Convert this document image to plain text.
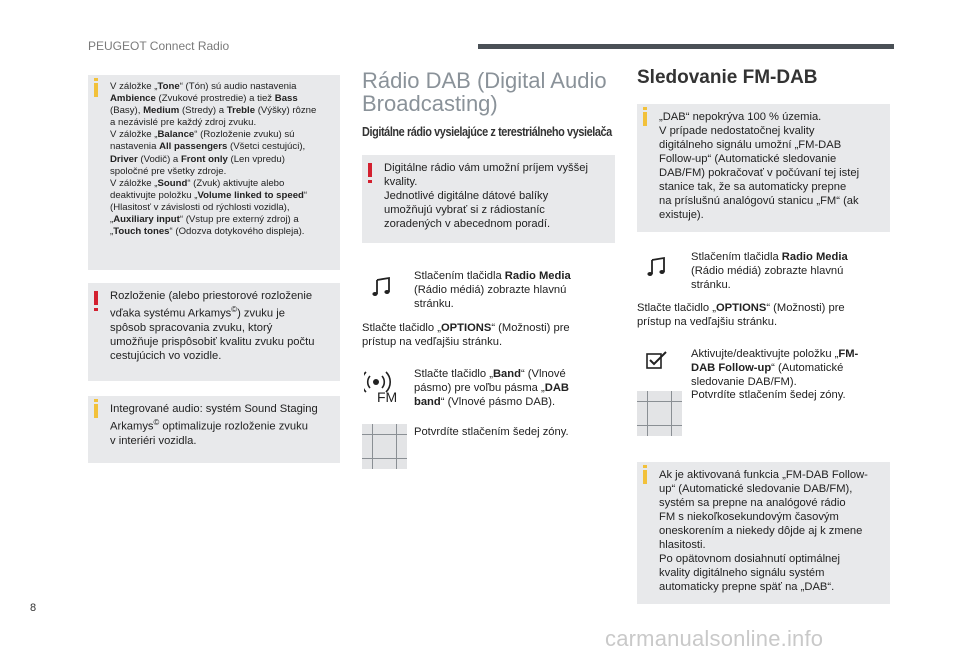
PEUGEOT Connect Radio
V záložke „Tone“ (Tón) sú audio nastavenia
Ambience (Zvukové prostredie) a tiež Bass
(Basy), Medium (Stredy) a Treble (Výšky) rôzne
a nezávislé pre každý zdroj zvuku.
V záložke „Balance“ (Rozloženie zvuku) sú
nastavenia All passengers (Všetci cestujúci),
Driver (Vodič) a Front only (Len vpredu)
spoločné pre všetky zdroje.
V záložke „Sound“ (Zvuk) aktivujte alebo
deaktivujte položku „Volume linked to speed“
(Hlasitosť v závislosti od rýchlosti vozidla),
„Auxiliary input“ (Vstup pre externý zdroj) a
„Touch tones“ (Odozva dotykového displeja).
Rozloženie (alebo priestorové rozloženie
vďaka systému Arkamys©) zvuku je
spôsob spracovania zvuku, ktorý
umožňuje prispôsobiť kvalitu zvuku počtu
cestujúcich vo vozidle.
Integrované audio: systém Sound Staging
Arkamys© optimalizuje rozloženie zvuku
v interiéri vozidla.
Rádio DAB (Digital Audio
Broadcasting)
Digitálne rádio vysielajúce z terestriálneho vysielača
Digitálne rádio vám umožní príjem vyššej
kvality.
Jednotlivé digitálne dátové balíky
umožňujú vybrať si z rádiostaníc
zoradených v abecednom poradí.
Stlačením tlačidla Radio Media
(Rádio médiá) zobrazte hlavnú
stránku.
Stlačte tlačidlo „OPTIONS“ (Možnosti) pre
prístup na vedľajšiu stránku.
FM
Stlačte tlačidlo „Band“ (Vlnové
pásmo) pre voľbu pásma „DAB
band“ (Vlnové pásmo DAB).
Potvrdíte stlačením šedej zóny.
Sledovanie FM-DAB
„DAB“ nepokrýva 100 % územia.
V prípade nedostatočnej kvality
digitálneho signálu umožní „FM-DAB
Follow-up“ (Automatické sledovanie
DAB/FM) pokračovať v počúvaní tej istej
stanice tak, že sa automaticky prepne
na príslušnú analógovú stanicu „FM“ (ak
existuje).
Stlačením tlačidla Radio Media
(Rádio médiá) zobrazte hlavnú
stránku.
Stlačte tlačidlo „OPTIONS“ (Možnosti) pre
prístup na vedľajšiu stránku.
Aktivujte/deaktivujte položku „FM-
DAB Follow-up“ (Automatické
sledovanie DAB/FM).
Potvrdíte stlačením šedej zóny.
Ak je aktivovaná funkcia „FM-DAB Follow-
up“ (Automatické sledovanie DAB/FM),
systém sa prepne na analógové rádio
FM s niekoľkosekundovým časovým
oneskorením a niekedy dôjde aj k zmene
hlasitosti.
Po opätovnom dosiahnutí optimálnej
kvality digitálneho signálu systém
automaticky prepne späť na „DAB“.
8
carmanualsonline.info
